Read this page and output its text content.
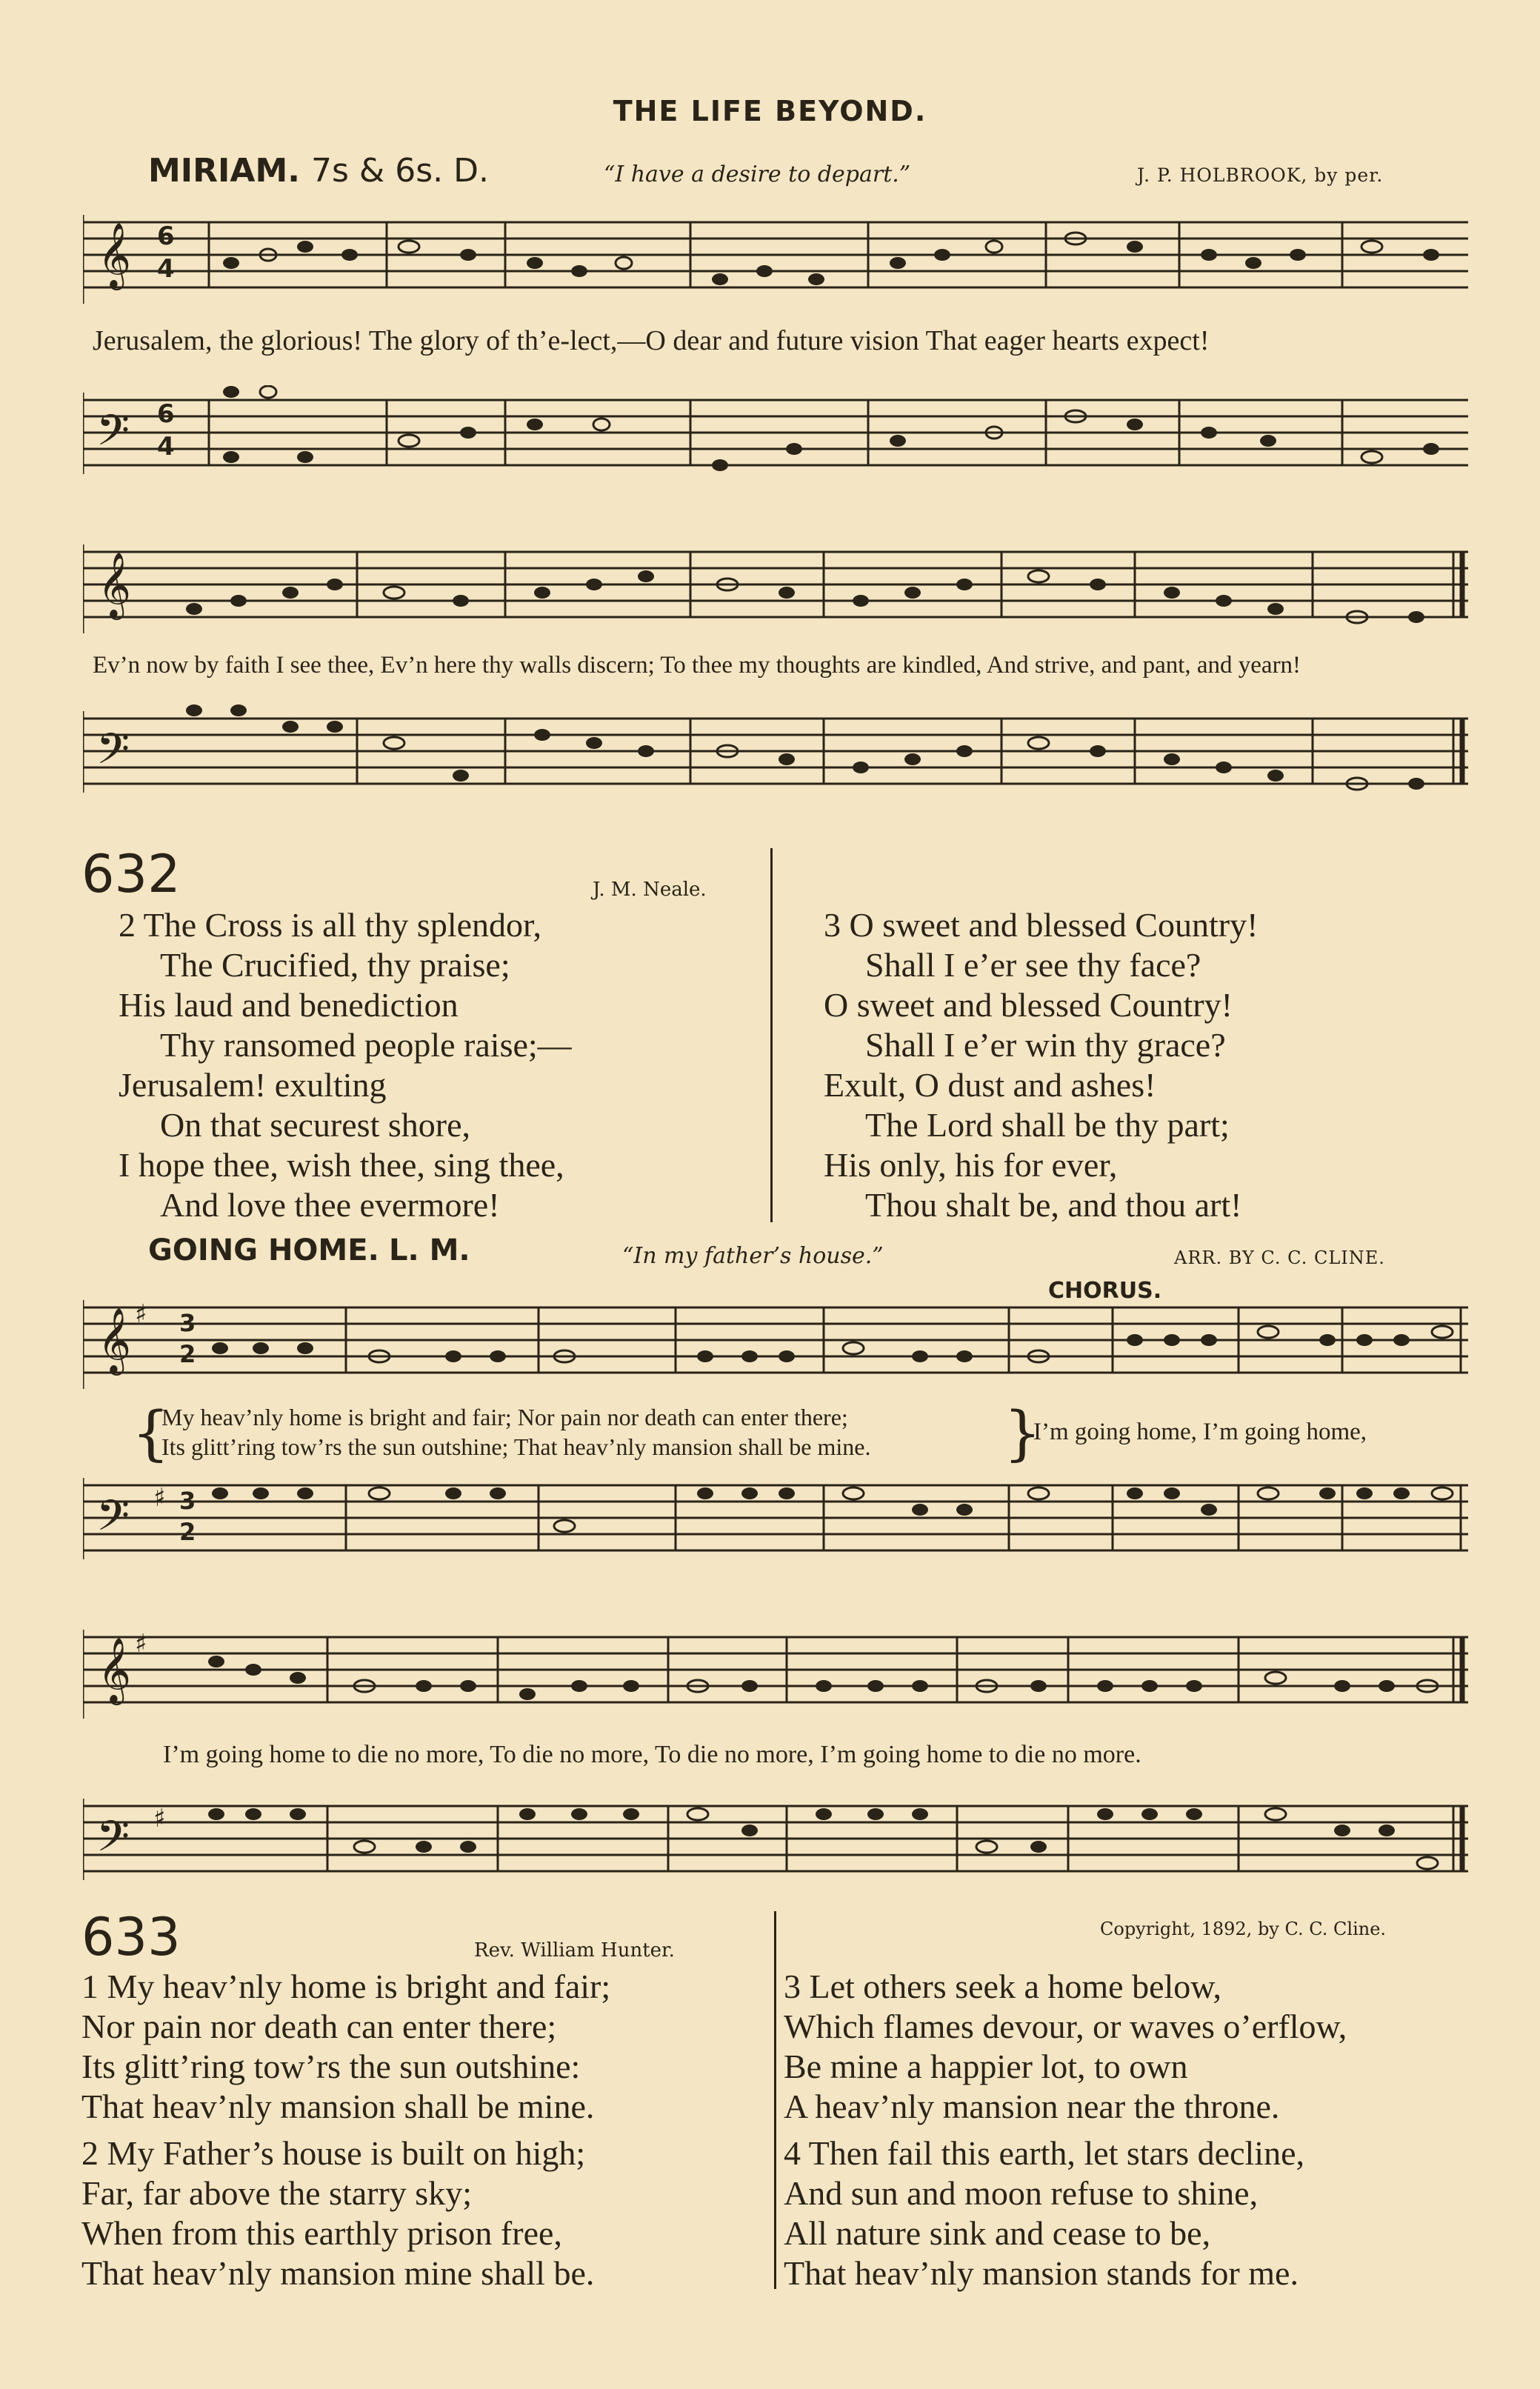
THE LIFE BEYOND.
MIRIAM. 7s & 6s. D.	“I have a desire to depart.”	J. P. HOLBROOK, by per.
𝄞 6
4
Jerusalem, the glorious! The glory of th’e-lect,—O dear and future vision That eager hearts expect!
𝄢 6
4
𝄞
Ev’n now by faith I see thee, Ev’n here thy walls discern; To thee my thoughts are kindled, And strive, and pant, and yearn!
𝄢
632	J. M. Neale.
2 The Cross is all thy splendor,
The Crucified, thy praise;
His laud and benediction
Thy ransomed people raise;—
Jerusalem! exulting
On that securest shore,
I hope thee, wish thee, sing thee,
And love thee evermore!
3 O sweet and blessed Country!
Shall I e’er see thy face?
O sweet and blessed Country!
Shall I e’er win thy grace?
Exult, O dust and ashes!
The Lord shall be thy part;
His only, his for ever,
Thou shalt be, and thou art!
GOING HOME. L. M.	“In my father’s house.”	ARR. BY C. C. CLINE.
CHORUS.
𝄞 ♯ 3
2
{
My heav’nly home is bright and fair; Nor pain nor death can enter there;
Its glitt’ring tow’rs the sun outshine; That heav’nly mansion shall be mine. }
I’m going home, I’m going home,
𝄢 ♯ 3
2
𝄞 ♯
I’m going home to die no more, To die no more, To die no more, I’m going home to die no more.
𝄢 ♯
633	Rev. William Hunter.
Copyright, 1892, by C. C. Cline.
1 My heav’nly home is bright and fair;
Nor pain nor death can enter there;
Its glitt’ring tow’rs the sun outshine:
That heav’nly mansion shall be mine.
2 My Father’s house is built on high;
Far, far above the starry sky;
When from this earthly prison free,
That heav’nly mansion mine shall be.
3 Let others seek a home below,
Which flames devour, or waves o’erflow,
Be mine a happier lot, to own
A heav’nly mansion near the throne.
4 Then fail this earth, let stars decline,
And sun and moon refuse to shine,
All nature sink and cease to be,
That heav’nly mansion stands for me.
